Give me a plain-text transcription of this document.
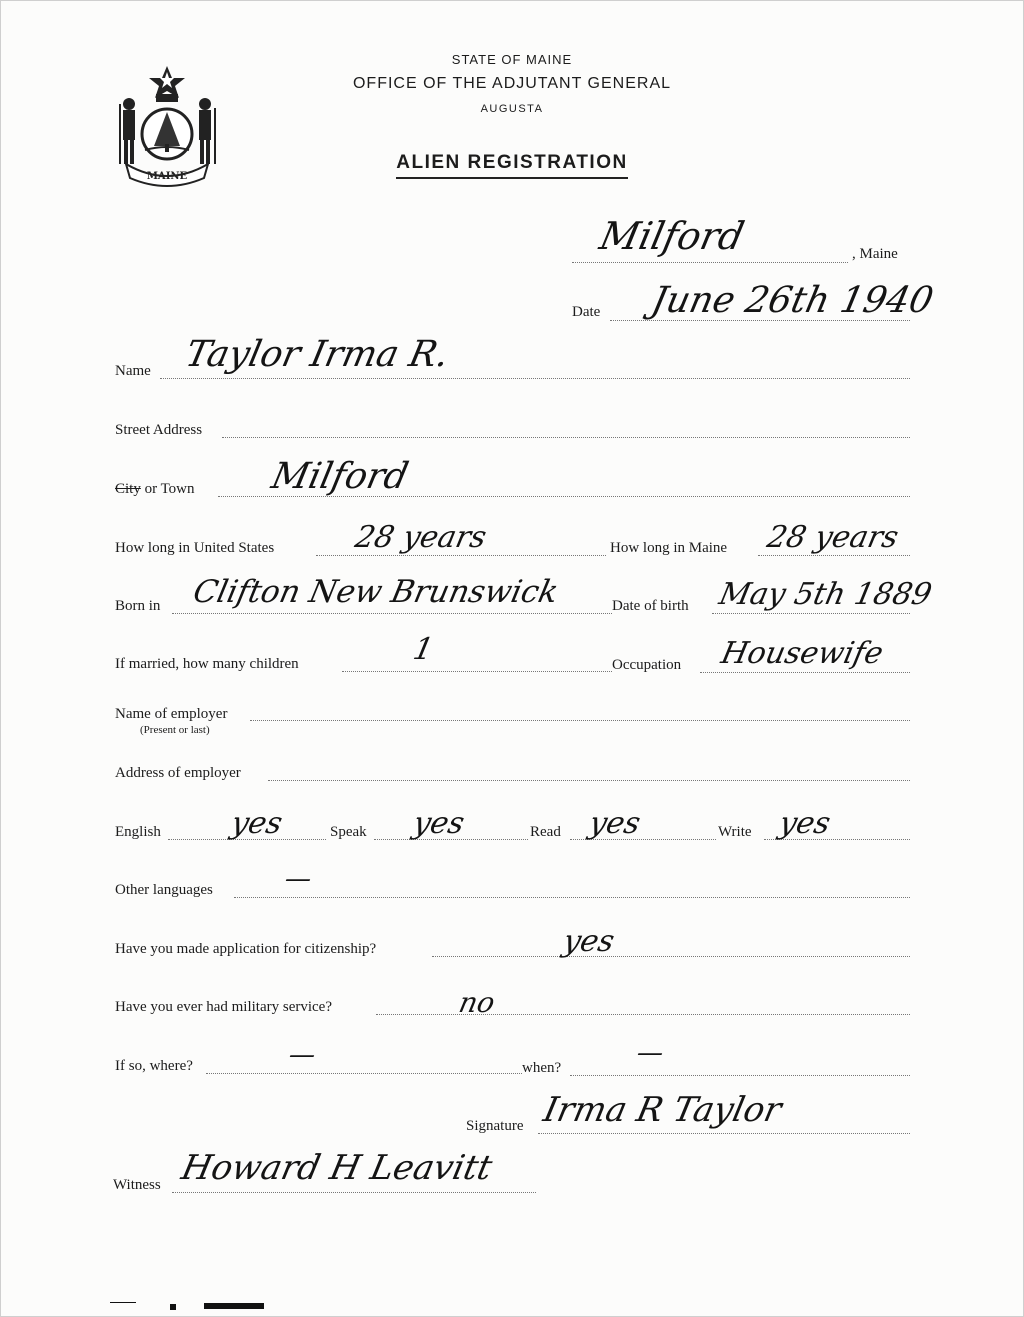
MAINE
STATE OF MAINE
OFFICE OF THE ADJUTANT GENERAL
AUGUSTA
ALIEN REGISTRATION
Milford	, Maine
Date June 26th 1940
Name Taylor Irma R.
Street Address
City or Town Milford
How long in United States	28 years	How long in Maine 28 years
Born in Clifton New Brunswick	Date of birth May 5th 1889
If married, how many children	1	Occupation Housewife
Name of employer
(Present or last)
Address of employer
English yes	Speak yes	Read yes	Write yes
Other languages	—
Have you made application for citizenship?	yes
Have you ever had military service?	no
If so, where?	—	when?	—
Signature Irma R Taylor
Witness Howard H Leavitt
